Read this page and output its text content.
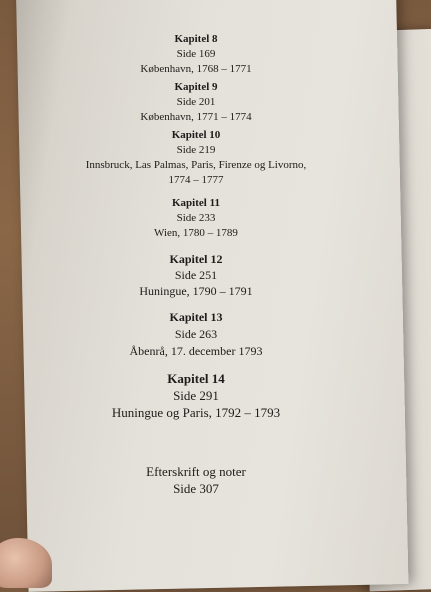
Kapitel 8
Side 169
København, 1768 – 1771
Kapitel 9
Side 201
København, 1771 – 1774
Kapitel 10
Side 219
Innsbruck, Las Palmas, Paris, Firenze og Livorno,
1774 – 1777
Kapitel 11
Side 233
Wien, 1780 – 1789
Kapitel 12
Side 251
Huningue, 1790 – 1791
Kapitel 13
Side 263
Åbenrå, 17. december 1793
Kapitel 14
Side 291
Huningue og Paris, 1792 – 1793
Efterskrift og noter
Side 307
